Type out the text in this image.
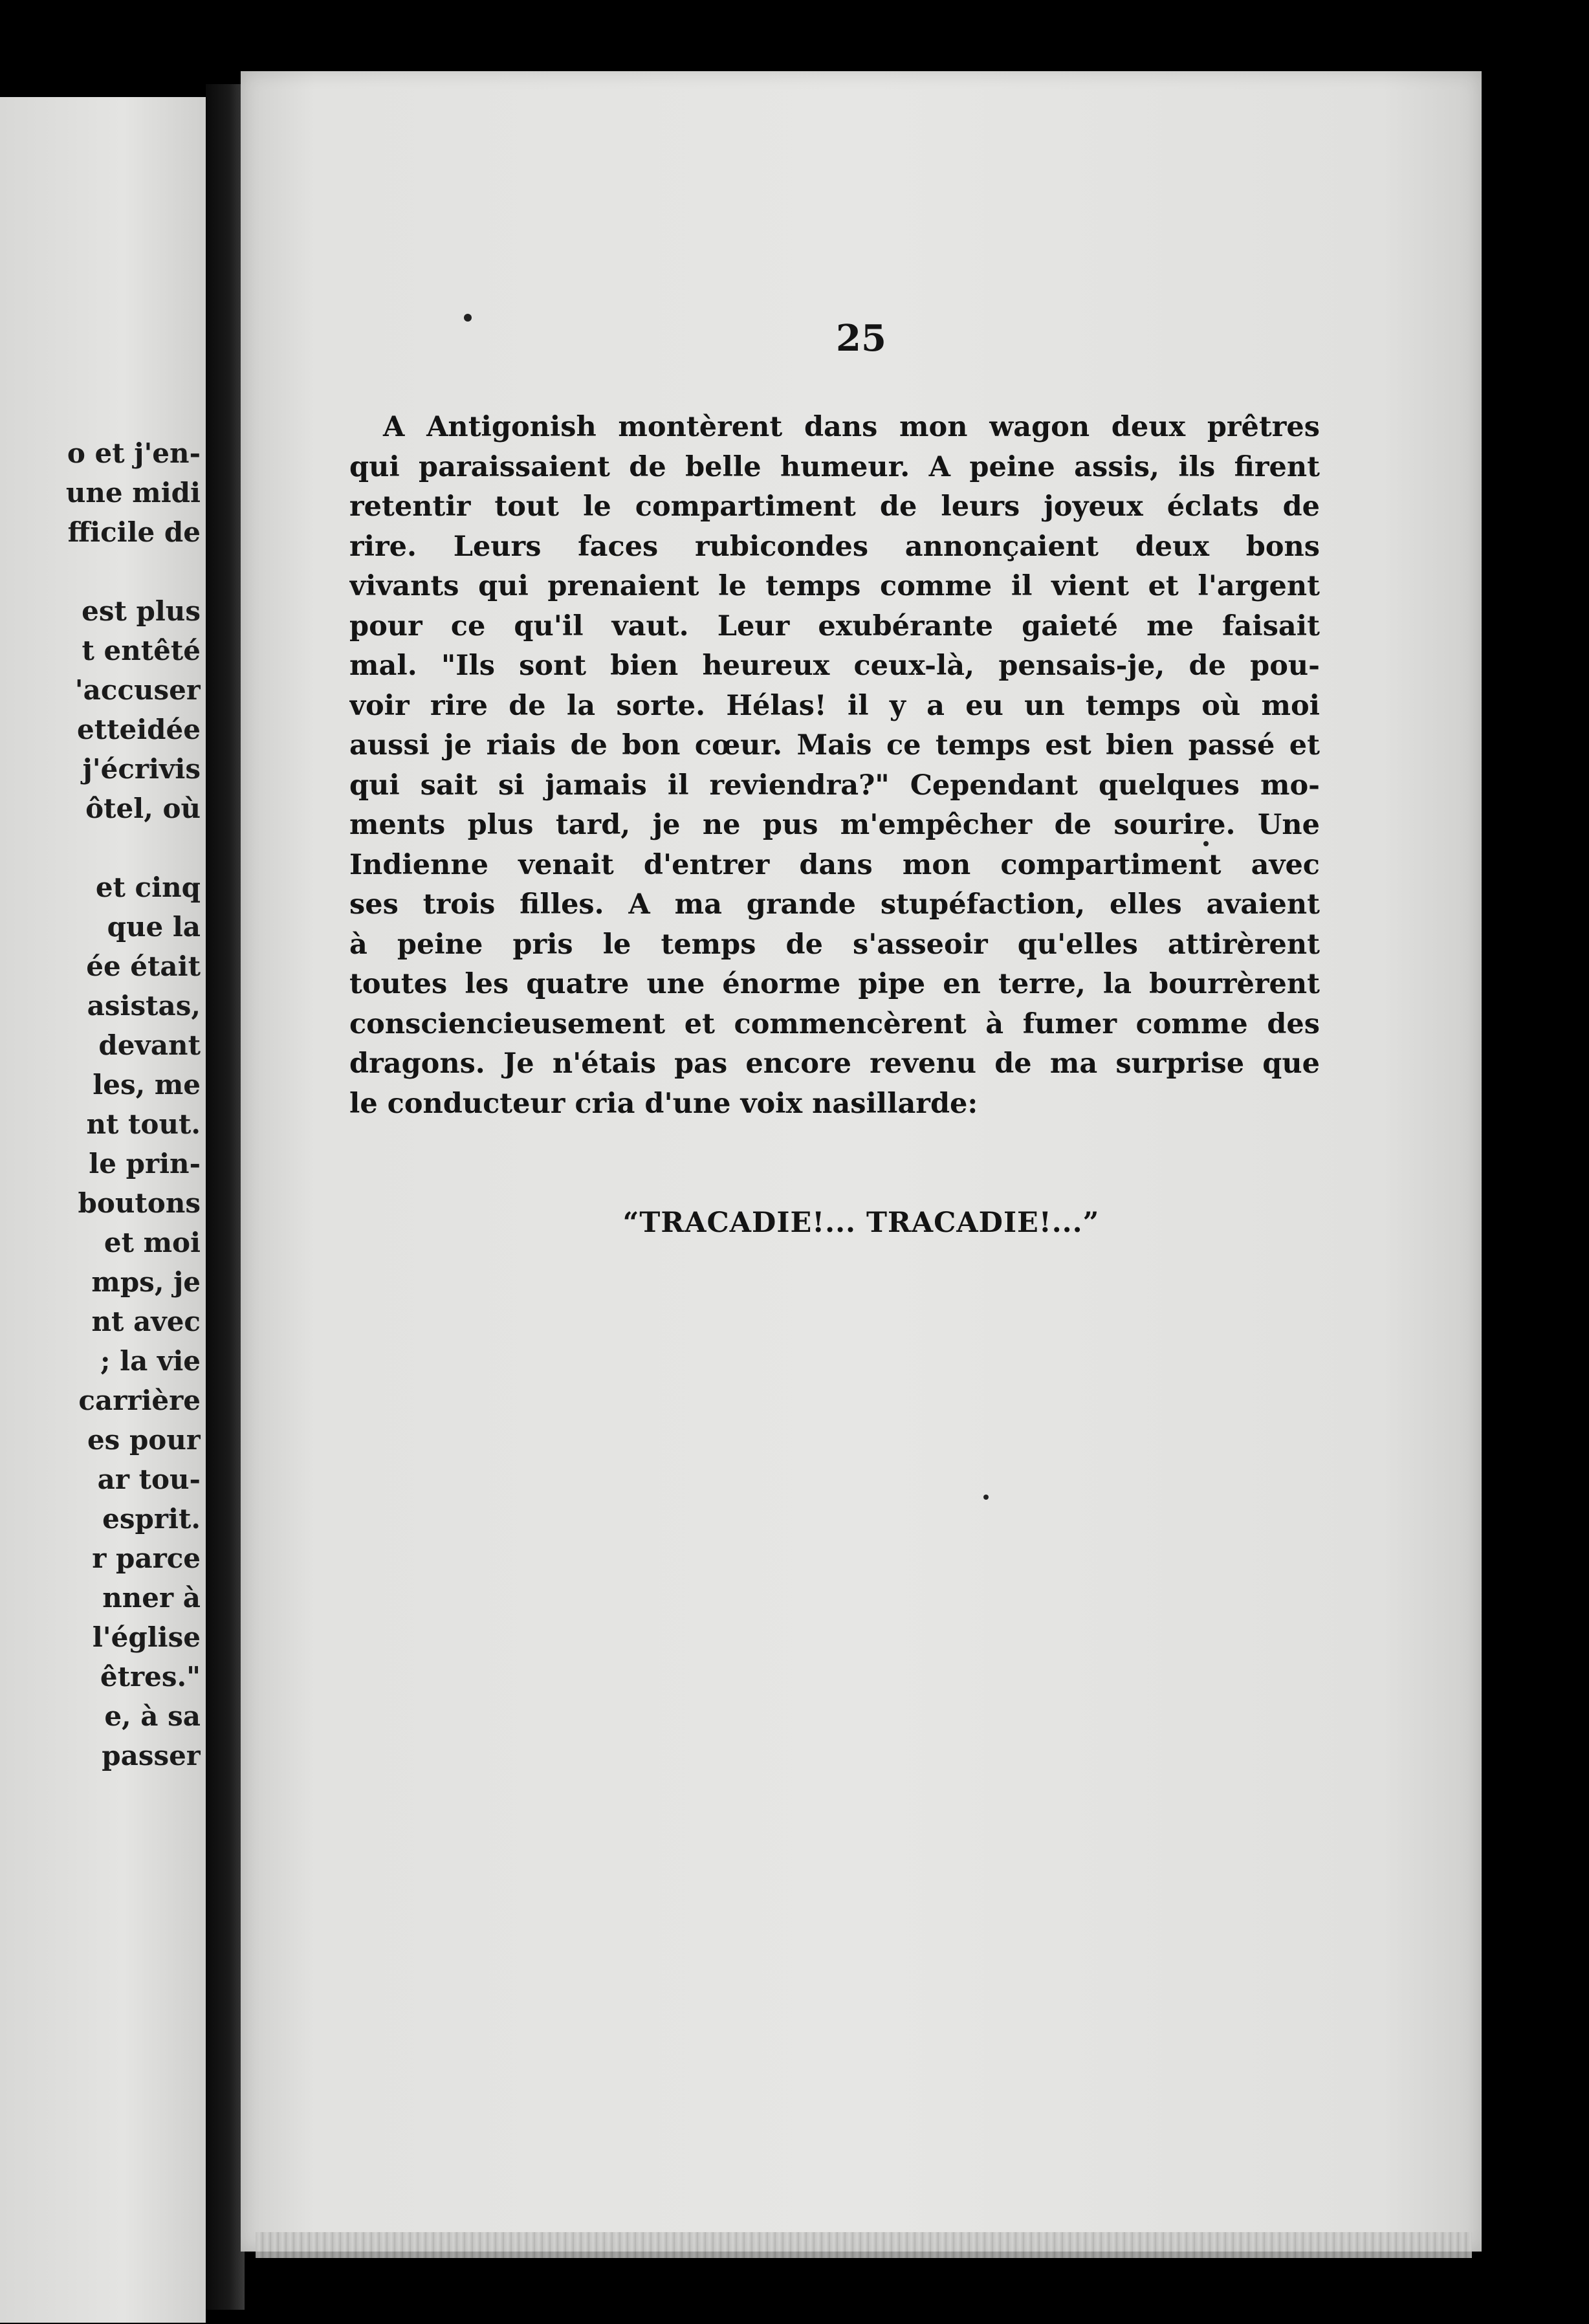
o et j'en-
une midi
fficile de
est plus
t entêté
'accuser
etteidée
j'écrivis
ôtel, où
et cinq
que la
ée était
asistas,
devant
les, me
nt tout.
le prin-
boutons
et moi
mps, je
nt avec
; la vie
carrière
es pour
ar tou-
esprit.
r parce
nner à
l'église
êtres."
e, à sa
passer
25
A Antigonish montèrent dans mon wagon deux prêtres
qui paraissaient de belle humeur. A peine assis, ils firent
retentir tout le compartiment de leurs joyeux éclats de
rire. Leurs faces rubicondes annonçaient deux bons
vivants qui prenaient le temps comme il vient et l'argent
pour ce qu'il vaut. Leur exubérante gaieté me faisait
mal. "Ils sont bien heureux ceux-là, pensais-je, de pou-
voir rire de la sorte. Hélas! il y a eu un temps où moi
aussi je riais de bon cœur. Mais ce temps est bien passé et
qui sait si jamais il reviendra?" Cependant quelques mo-
ments plus tard, je ne pus m'empêcher de sourire. Une
Indienne venait d'entrer dans mon compartiment avec
ses trois filles. A ma grande stupéfaction, elles avaient
à peine pris le temps de s'asseoir qu'elles attirèrent
toutes les quatre une énorme pipe en terre, la bourrèrent
consciencieusement et commencèrent à fumer comme des
dragons. Je n'étais pas encore revenu de ma surprise que
le conducteur cria d'une voix nasillarde:
“TRACADIE!... TRACADIE!...”
